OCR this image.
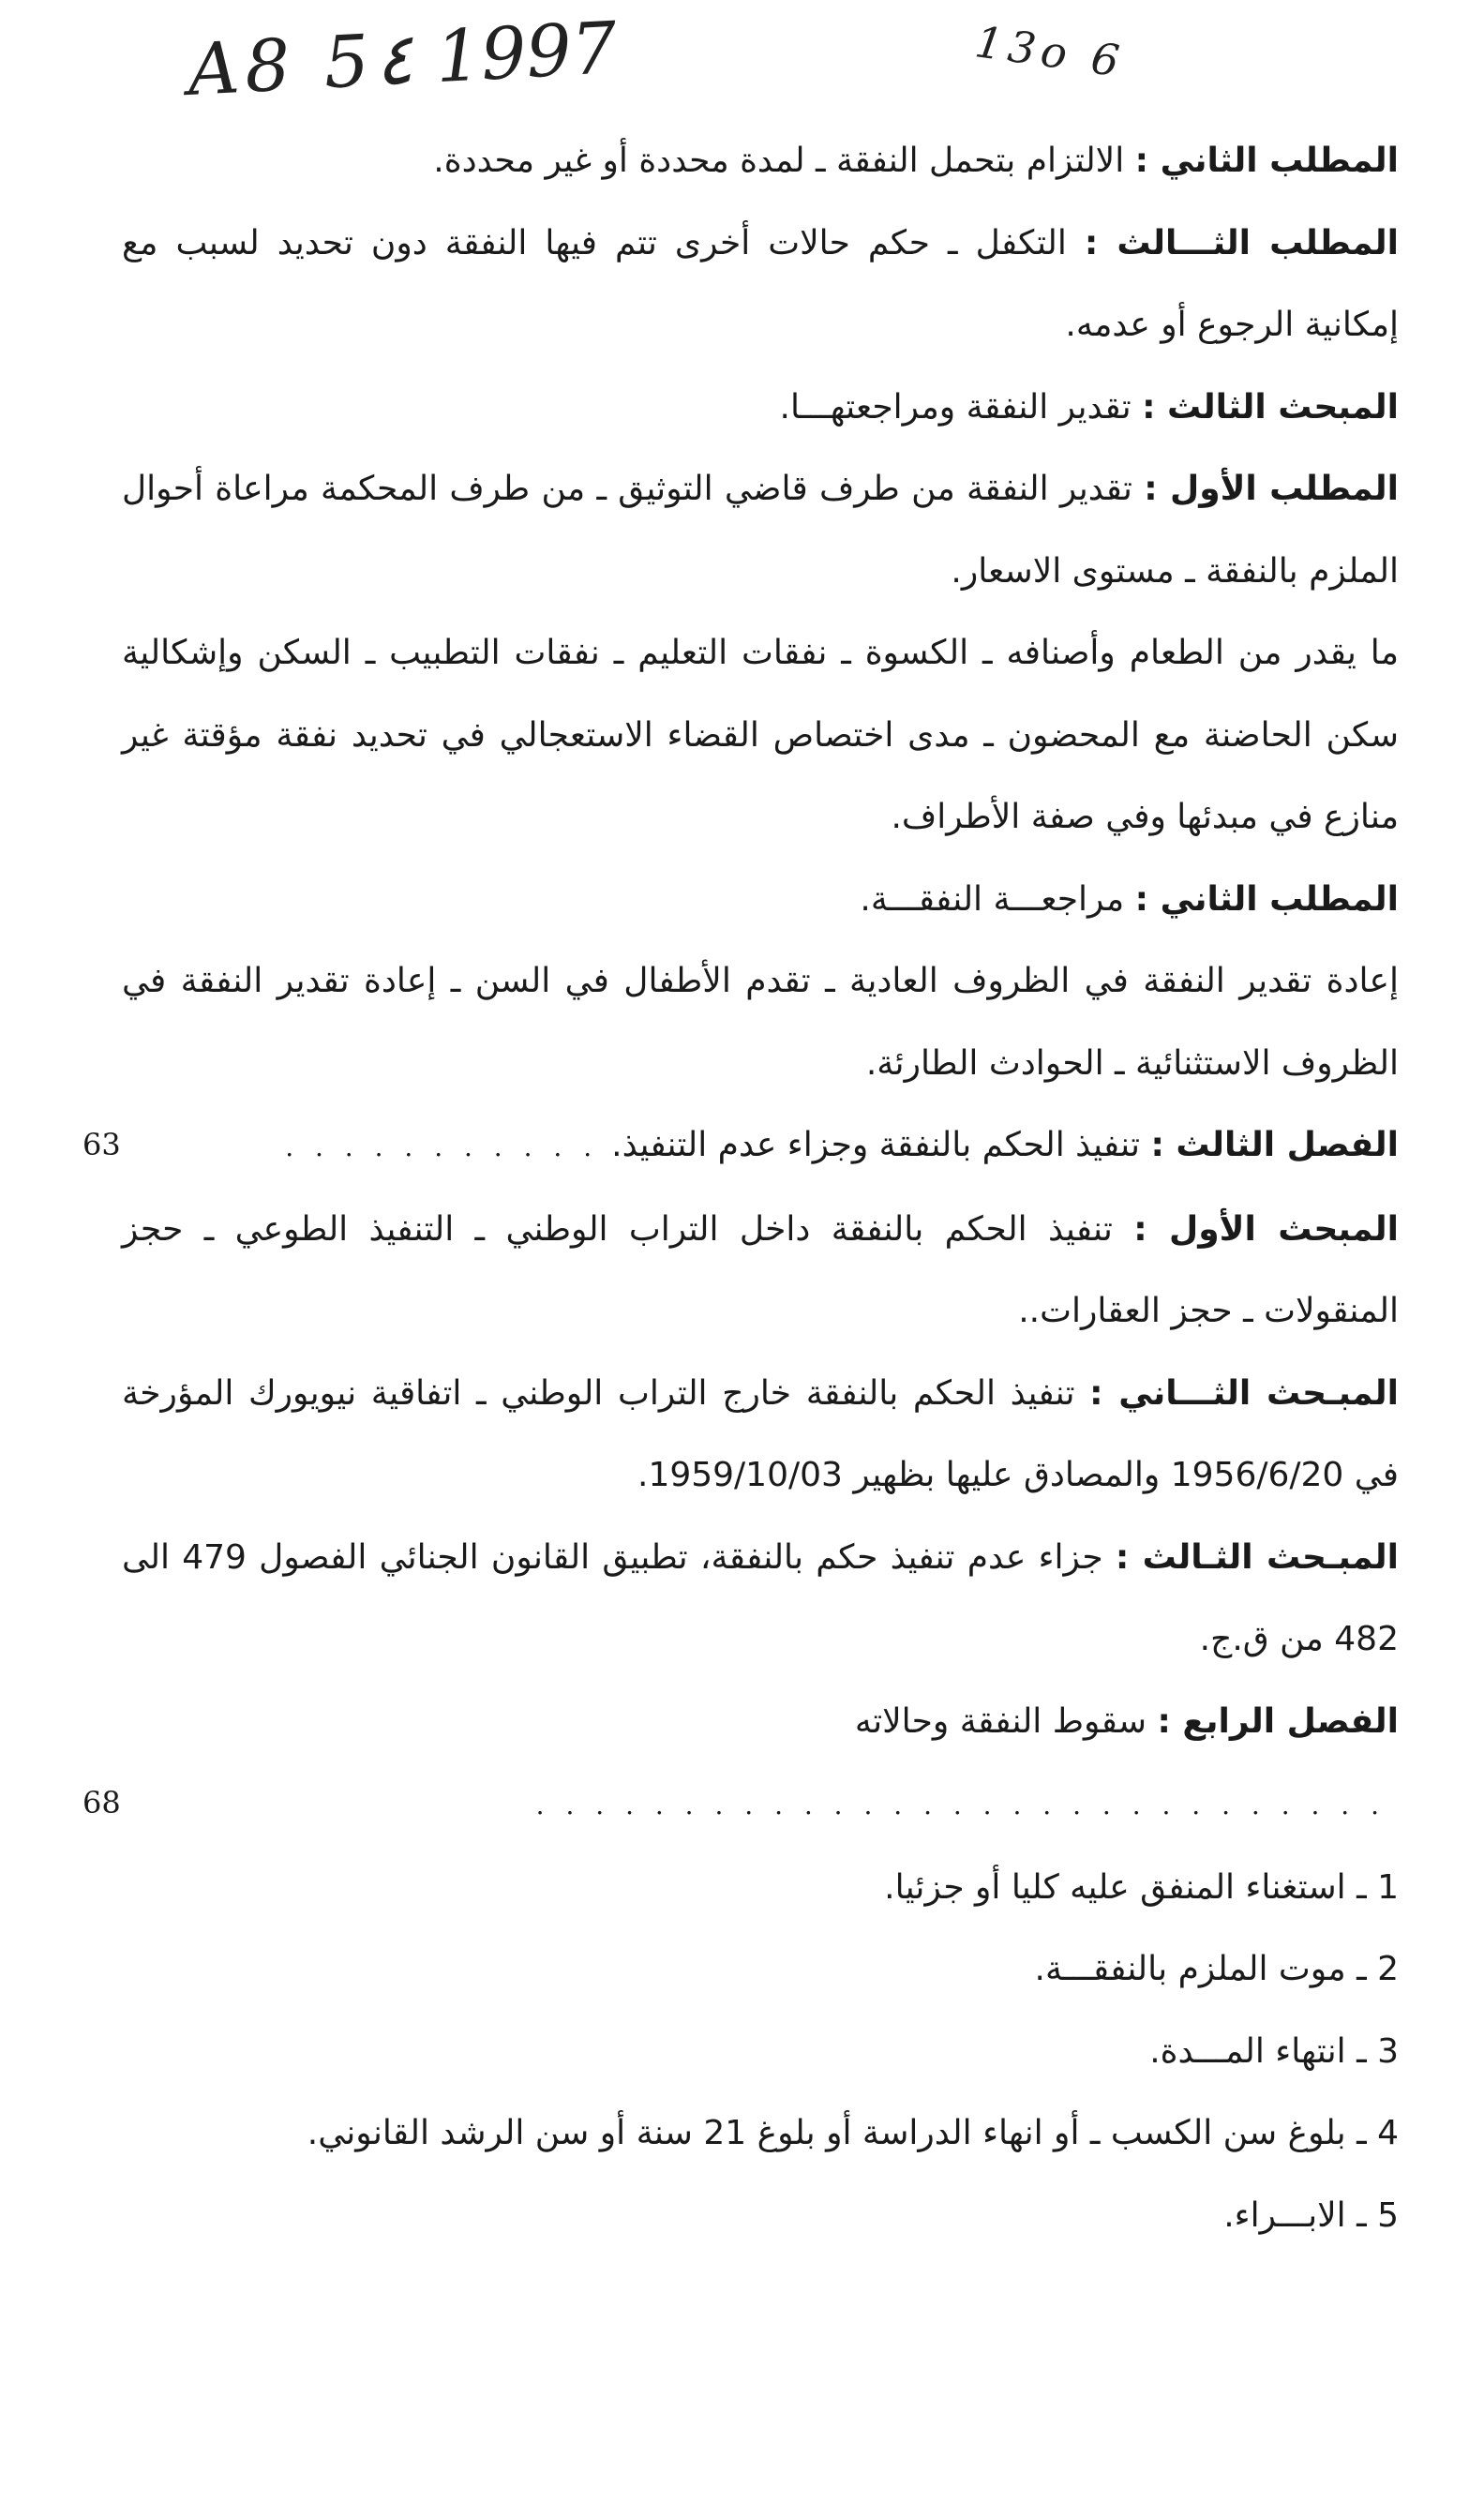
A8 5٤ 1997	13o 6

المطلب الثاني : الالتزام بتحمل النفقة ـ لمدة محددة أو غير محددة.

المطلب الثـــالث : التكفل ـ حكم حالات أخرى تتم فيها النفقة دون تحديد لسبب مع إمكانية الرجوع أو عدمه.

المبحث الثالث : تقدير النفقة ومراجعتهـــا.

المطلب الأول : تقدير النفقة من طرف قاضي التوثيق ـ من طرف المحكمة مراعاة أحوال الملزم بالنفقة ـ مستوى الاسعار.

ما يقدر من الطعام وأصنافه ـ الكسوة ـ نفقات التعليم ـ نفقات التطبيب ـ السكن وإشكالية سكن الحاضنة مع المحضون ـ مدى اختصاص القضاء الاستعجالي في تحديد نفقة مؤقتة غير منازع في مبدئها وفي صفة الأطراف.

المطلب الثاني : مراجعـــة النفقـــة.

إعادة تقدير النفقة في الظروف العادية ـ تقدم الأطفال في السن ـ إعادة تقدير النفقة في الظروف الاستثنائية ـ الحوادث الطارئة.

الفصل الثالث : تنفيذ الحكم بالنفقة وجزاء عدم التنفيذ.. . . . . . . . . . .
63

المبحث الأول : تنفيذ الحكم بالنفقة داخل التراب الوطني ـ التنفيذ الطوعي ـ حجز المنقولات ـ حجز العقارات..

المبـحث الثـــاني : تنفيذ الحكم بالنفقة خارج التراب الوطني ـ اتفاقية نيويورك المؤرخة في 1956/6/20 والمصادق عليها بظهير 1959/10/03.

المبـحث الثـالث : جزاء عدم تنفيذ حكم بالنفقة، تطبيق القانون الجنائي الفصول 479 الى 482 من ق.ج.

الفصل الرابع : سقوط النفقة وحالاته. . . . . . . . . . . . . . . . . . . . . . . . . . . . .
68

1 ـ استغناء المنفق عليه كليا أو جزئيا.

2 ـ موت الملزم بالنفقـــة.

3 ـ انتهاء المـــدة.

4 ـ بلوغ سن الكسب ـ أو انهاء الدراسة أو بلوغ 21 سنة أو سن الرشد القانوني.

5 ـ الابـــراء.
